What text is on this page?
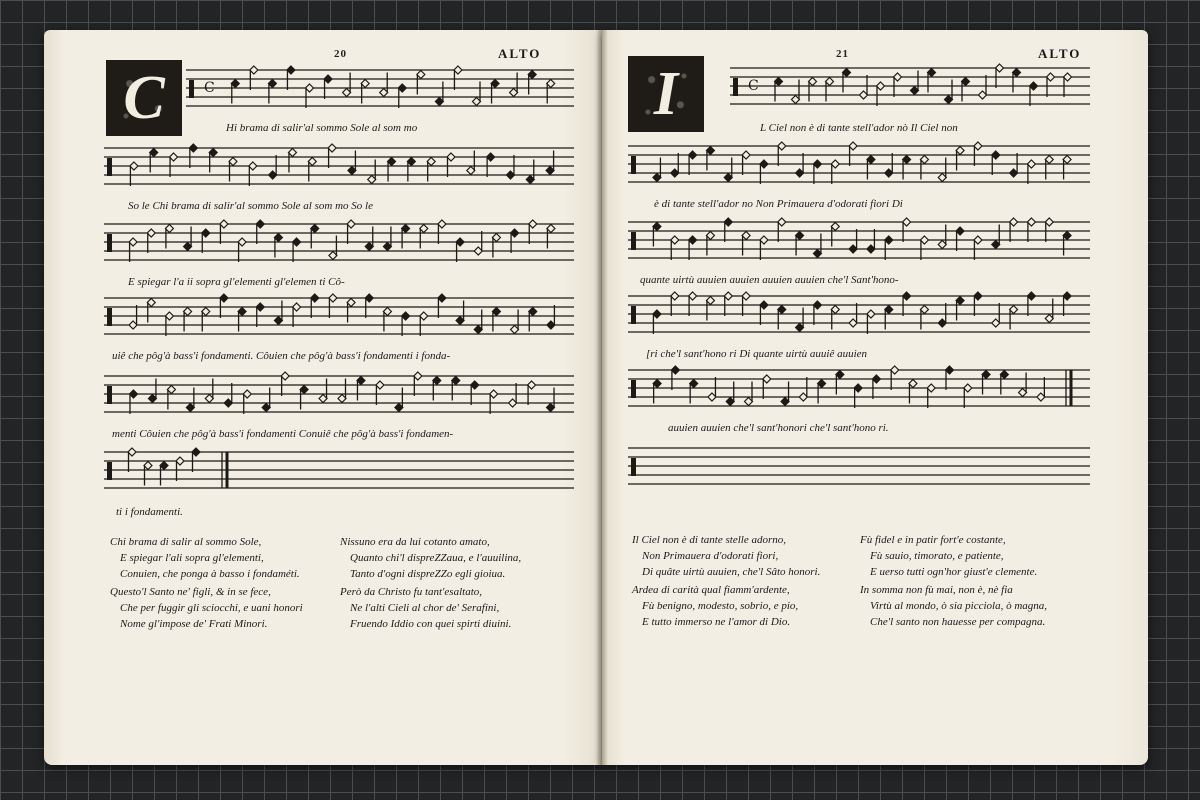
20	ALTO
C
21	ALTO
I
C	C
Hi brama di salir'al sommo Sole al som mo
So le Chi brama di salir'al sommo Sole al som mo So le
E spiegar l'a ii sopra gl'elementi gl'elemen ti Cô-
uiê che pôg'à bass'i fondamenti. Côuien che pôg'à bass'i fondamenti i fonda-
menti Côuien che pôg'à bass'i fondamenti Conuiê che pôg'à bass'i fondamen-
ti i fondamenti.
L Ciel non è di tante stell'ador nò Il Ciel non
è di tante stell'ador no Non Primauera d'odorati fiori Di
quante uirtù auuien auuien auuien auuien che'l Sant'hono-
[ri che'l sant'hono ri Di quante uirtù auuiê auuien
auuien auuien che'l sant'honori che'l sant'hono ri.
Chi brama di salir al sommo Sole,
E spiegar l'ali sopra gl'elementi,
Conuien, che ponga à basso i fondaméti.
Nissuno era da lui cotanto amato,
Quanto chi'l dispreZZaua, e l'auuilina,
Tanto d'ogni dispreZZo egli gioiua.
Questo'l Santo ne' figli, & in se fece,
Che per fuggir gli sciocchi, e uani honori
Nome gl'impose de' Frati Minori.
Però da Christo fu tant'esaltato,
Ne l'alti Cieli al chor de' Serafini,
Fruendo Iddio con quei spirti diuini.
Il Ciel non è di tante stelle adorno,
Non Primauera d'odorati fiori,
Di quâte uirtù auuien, che'l Sâto honori.
Fù fidel e in patir fort'e costante,
Fù sauio, timorato, e patiente,
E uerso tutti ogn'hor giust'e clemente.
Ardea di carità qual fiamm'ardente,
Fù benigno, modesto, sobrio, e pio,
E tutto immerso ne l'amor di Dio.
In somma non fù mai, non è, nè fia
Virtù al mondo, ò sia picciola, ò magna,
Che'l santo non hauesse per compagna.
